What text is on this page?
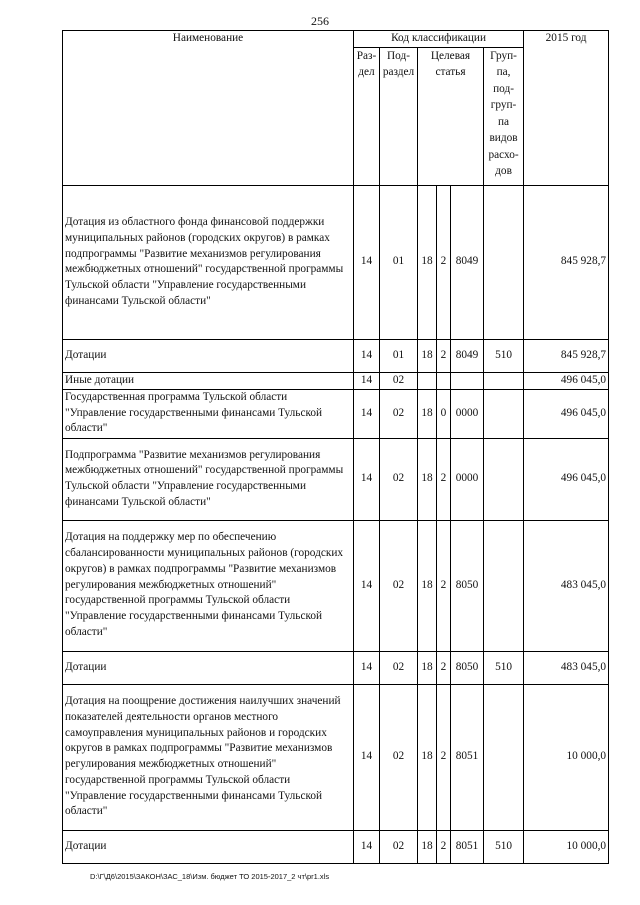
256
Наименование	Код классификации						2015 год
	Раз-дел	Под-раздел	Целевая статья			Груп-па, под-груп-па видов расхо-дов	
Дотация из областного фонда финансовой поддержки муниципальных районов (городских округов) в рамках подпрограммы "Развитие механизмов регулирования межбюджетных отношений" государственной программы Тульской области "Управление государственными финансами Тульской области"	14	01	18	2	8049		845 928,7
Дотации	14	01	18	2	8049	510	845 928,7
Иные дотации	14	02					496 045,0
Государственная программа Тульской области "Управление государственными финансами Тульской области"	14	02	18	0	0000		496 045,0
Подпрограмма "Развитие механизмов регулирования межбюджетных отношений" государственной программы Тульской области "Управление государственными финансами Тульской области"	14	02	18	2	0000		496 045,0
Дотация на поддержку мер по обеспечению сбалансированности муниципальных районов (городских округов) в рамках подпрограммы "Развитие механизмов регулирования межбюджетных отношений" государственной программы Тульской области "Управление государственными финансами Тульской области"	14	02	18	2	8050		483 045,0
Дотации	14	02	18	2	8050	510	483 045,0
Дотация на поощрение достижения наилучших значений показателей деятельности органов местного самоуправления муниципальных районов и городских округов в рамках подпрограммы "Развитие механизмов регулирования межбюджетных отношений" государственной программы Тульской области "Управление государственными финансами Тульской области"	14	02	18	2	8051		10 000,0
Дотации	14	02	18	2	8051	510	10 000,0
D:\Г\Д6\2015\ЗАКОН\ЗАС_18\Изм. бюджет ТО 2015-2017_2 чт\pr1.xls
